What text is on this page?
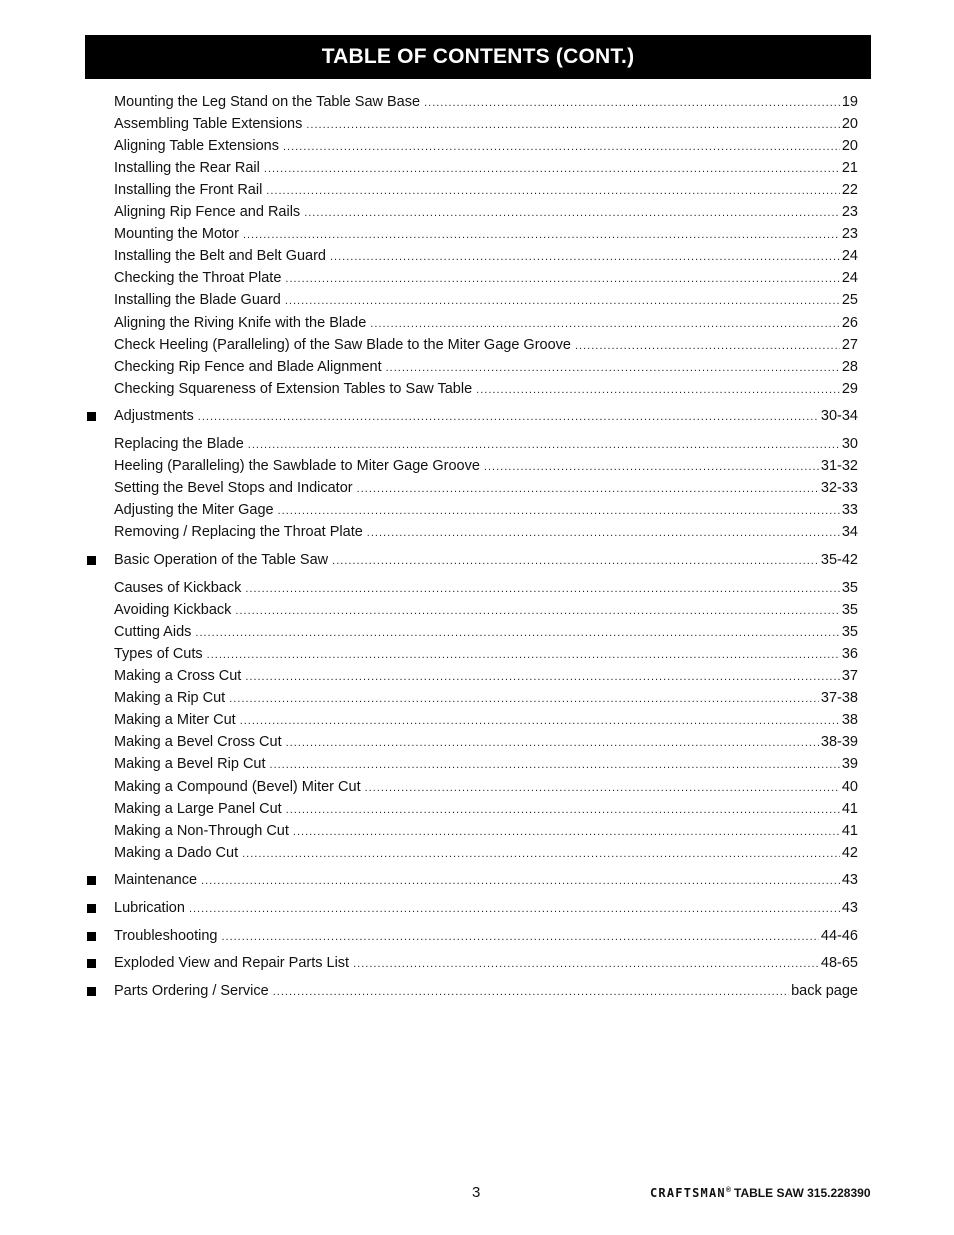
TABLE OF CONTENTS (CONT.)
Mounting the Leg Stand on the Table Saw Base .....	19
Assembling Table Extensions .....	20
Aligning Table Extensions .....	20
Installing the Rear Rail .....	21
Installing the Front Rail .....	22
Aligning Rip Fence and Rails .....	23
Mounting the Motor .....	23
Installing the Belt and Belt Guard .....	24
Checking the Throat Plate .....	24
Installing the Blade Guard .....	25
Aligning the Riving Knife with the Blade .....	26
Check Heeling (Paralleling) of the Saw Blade to the Miter Gage Groove .....	27
Checking Rip Fence and Blade Alignment .....	28
Checking Squareness of Extension Tables to Saw Table .....	29
Adjustments .....	30-34
Replacing the Blade .....	30
Heeling (Paralleling) the Sawblade to Miter Gage Groove .....	31-32
Setting the Bevel Stops and Indicator .....	32-33
Adjusting the Miter Gage .....	33
Removing / Replacing the Throat Plate .....	34
Basic Operation of the Table Saw .....	35-42
Causes of Kickback .....	35
Avoiding Kickback .....	35
Cutting Aids .....	35
Types of Cuts .....	36
Making a Cross Cut .....	37
Making a Rip Cut .....	37-38
Making a Miter Cut .....	38
Making a Bevel Cross Cut .....	38-39
Making a Bevel Rip Cut .....	39
Making a Compound (Bevel) Miter Cut .....	40
Making a Large Panel Cut .....	41
Making a Non-Through Cut .....	41
Making a Dado Cut .....	42
Maintenance .....	43
Lubrication .....	43
Troubleshooting .....	44-46
Exploded View and Repair Parts List .....	48-65
Parts Ordering / Service .....	back page
3	CRAFTSMAN® TABLE SAW 315.228390
